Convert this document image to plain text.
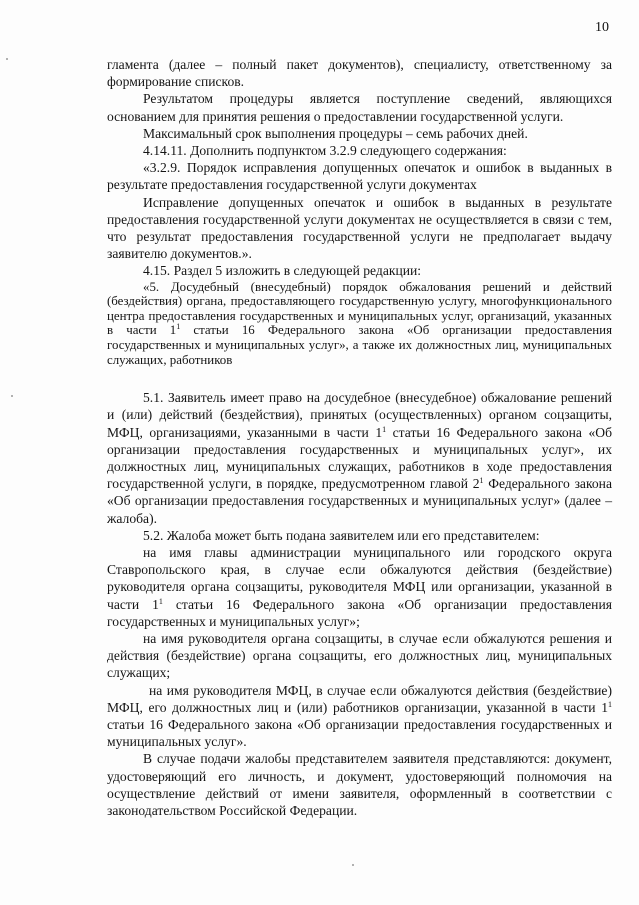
10

гламента (далее – полный пакет документов), специалисту, ответственному за формирование списков.

Результатом процедуры является поступление сведений, являющихся основанием для принятия решения о предоставлении государственной услуги.

Максимальный срок выполнения процедуры – семь рабочих дней.

4.14.11. Дополнить подпунктом 3.2.9 следующего содержания:

«3.2.9. Порядок исправления допущенных опечаток и ошибок в выданных в результате предоставления государственной услуги документах

Исправление допущенных опечаток и ошибок в выданных в результате предоставления государственной услуги документах не осуществляется в связи с тем, что результат предоставления государственной услуги не предполагает выдачу заявителю документов.».

4.15. Раздел 5 изложить в следующей редакции:

«5. Досудебный (внесудебный) порядок обжалования решений и действий (бездействия) органа, предоставляющего государственную услугу, многофункционального центра предоставления государственных и муниципальных услуг, организаций, указанных в части $1^1$ статьи 16 Федерального закона «Об организации предоставления государственных и муниципальных услуг», а также их должностных лиц, муниципальных служащих, работников

5.1. Заявитель имеет право на досудебное (внесудебное) обжалование решений и (или) действий (бездействия), принятых (осуществленных) органом соцзащиты, МФЦ, организациями, указанными в части $1^1$ статьи 16 Федерального закона «Об организации предоставления государственных и муниципальных услуг», их должностных лиц, муниципальных служащих, работников в ходе предоставления государственной услуги, в порядке, предусмотренном главой $2^1$ Федерального закона «Об организации предоставления государственных и муниципальных услуг» (далее – жалоба).

5.2. Жалоба может быть подана заявителем или его представителем:

на имя главы администрации муниципального или городского округа Ставропольского края, в случае если обжалуются действия (бездействие) руководителя органа соцзащиты, руководителя МФЦ или организации, указанной в части $1^1$ статьи 16 Федерального закона «Об организации предоставления государственных и муниципальных услуг»;

на имя руководителя органа соцзащиты, в случае если обжалуются решения и действия (бездействие) органа соцзащиты, его должностных лиц, муниципальных служащих;

на имя руководителя МФЦ, в случае если обжалуются действия (бездействие) МФЦ, его должностных лиц и (или) работников организации, указанной в части $1^1$ статьи 16 Федерального закона «Об организации предоставления государственных и муниципальных услуг».

В случае подачи жалобы представителем заявителя представляются: документ, удостоверяющий его личность, и документ, удостоверяющий полномочия на осуществление действий от имени заявителя, оформленный в соответствии с законодательством Российской Федерации.
